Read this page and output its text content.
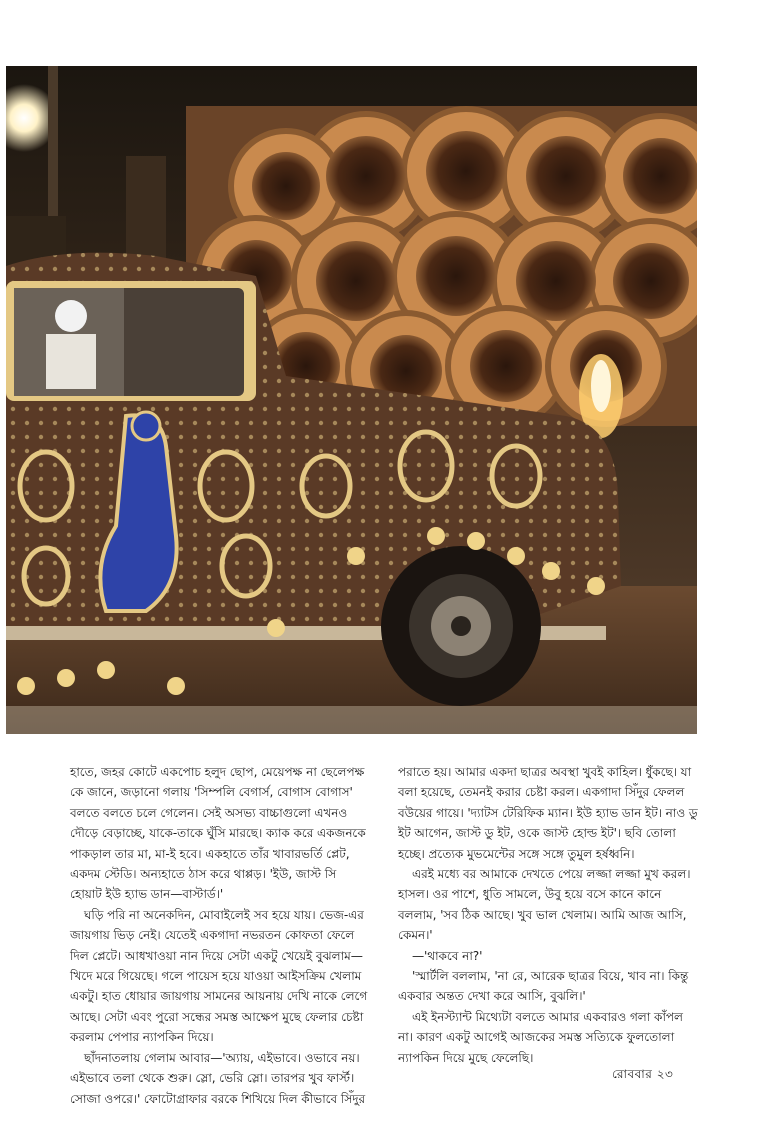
হাতে, জহর কোটে একপোচ হলুদ ছোপ, মেয়েপক্ষ না ছেলেপক্ষ কে জানে, জড়ানো গলায় 'সিম্পলি বেগার্স, বোগাস বোগাস' বলতে বলতে চলে গেলেন। সেই অসভ্য বাচ্চাগুলো এখনও দৌড়ে বেড়াচ্ছে, যাকে-তাকে ঘুঁসি মারছে। ক্যাক করে একজনকে পাকড়াল তার মা, মা-ই হবে। একহাতে তাঁর খাবারভর্তি প্লেট, একদম স্টেডি। অন্যহাতে ঠাস করে থাপ্পড়। 'ইউ, জাস্ট সি হোয়াট ইউ হ্যাভ ডান—বাস্টার্ড।'

ঘড়ি পরি না অনেকদিন, মোবাইলেই সব হয়ে যায়। ভেজ-এর জায়গায় ভিড় নেই। যেতেই একগাদা নভরতন কোফতা ফেলে দিল প্লেটে। আধখাওয়া নান দিয়ে সেটা একটু খেয়েই বুঝলাম—খিদে মরে গিয়েছে। গলে পায়েস হয়ে যাওয়া আইসক্রিম খেলাম একটু। হাত ধোয়ার জায়গায় সামনের আয়নায় দেখি নাকে লেগে আছে। সেটা এবং পুরো সন্ধের সমস্ত আক্ষেপ মুছে ফেলার চেষ্টা করলাম পেপার ন্যাপকিন দিয়ে।

ছাঁদনাতলায় গেলাম আবার—'অ্যায়, এইভাবে। ওভাবে নয়। এইভাবে তলা থেকে শুরু। স্লো, ভেরি স্লো। তারপর খুব ফার্স্ট। সোজা ওপরে।' ফোটোগ্রাফার বরকে শিখিয়ে দিল কীভাবে সিঁদুর

পরাতে হয়। আমার একদা ছাত্রর অবস্থা খুবই কাহিল। ধুঁকছে। যা বলা হয়েছে, তেমনই করার চেষ্টা করল। একগাদা সিঁদুর ফেলল বউয়ের গায়ে। 'দ্যাটস টেরিফিক ম্যান। ইউ হ্যাভ ডান ইট। নাও ডু ইট আগেন, জাস্ট ডু ইট, ওকে জাস্ট হোল্ড ইট'। ছবি তোলা হচ্ছে। প্রত্যেক মুভমেন্টের সঙ্গে সঙ্গে তুমুল হর্ষধ্বনি।

এরই মধ্যে বর আমাকে দেখতে পেয়ে লজ্জা লজ্জা মুখ করল। হাসল। ওর পাশে, ধুতি সামলে, উবু হয়ে বসে কানে কানে বললাম, 'সব ঠিক আছে। খুব ভাল খেলাম। আমি আজ আসি, কেমন।'

—'থাকবে না?'

'স্মার্টলি বললাম, 'না রে, আরেক ছাত্রর বিয়ে, খাব না। কিন্তু একবার অন্তত দেখা করে আসি, বুঝলি।'

এই ইনস্ট্যান্ট মিথ্যেটা বলতে আমার একবারও গলা কাঁপল না। কারণ একটু আগেই আজকের সমস্ত সত্যিকে ফুলতোলা ন্যাপকিন দিয়ে মুছে ফেলেছি।

রোববার ২৩
